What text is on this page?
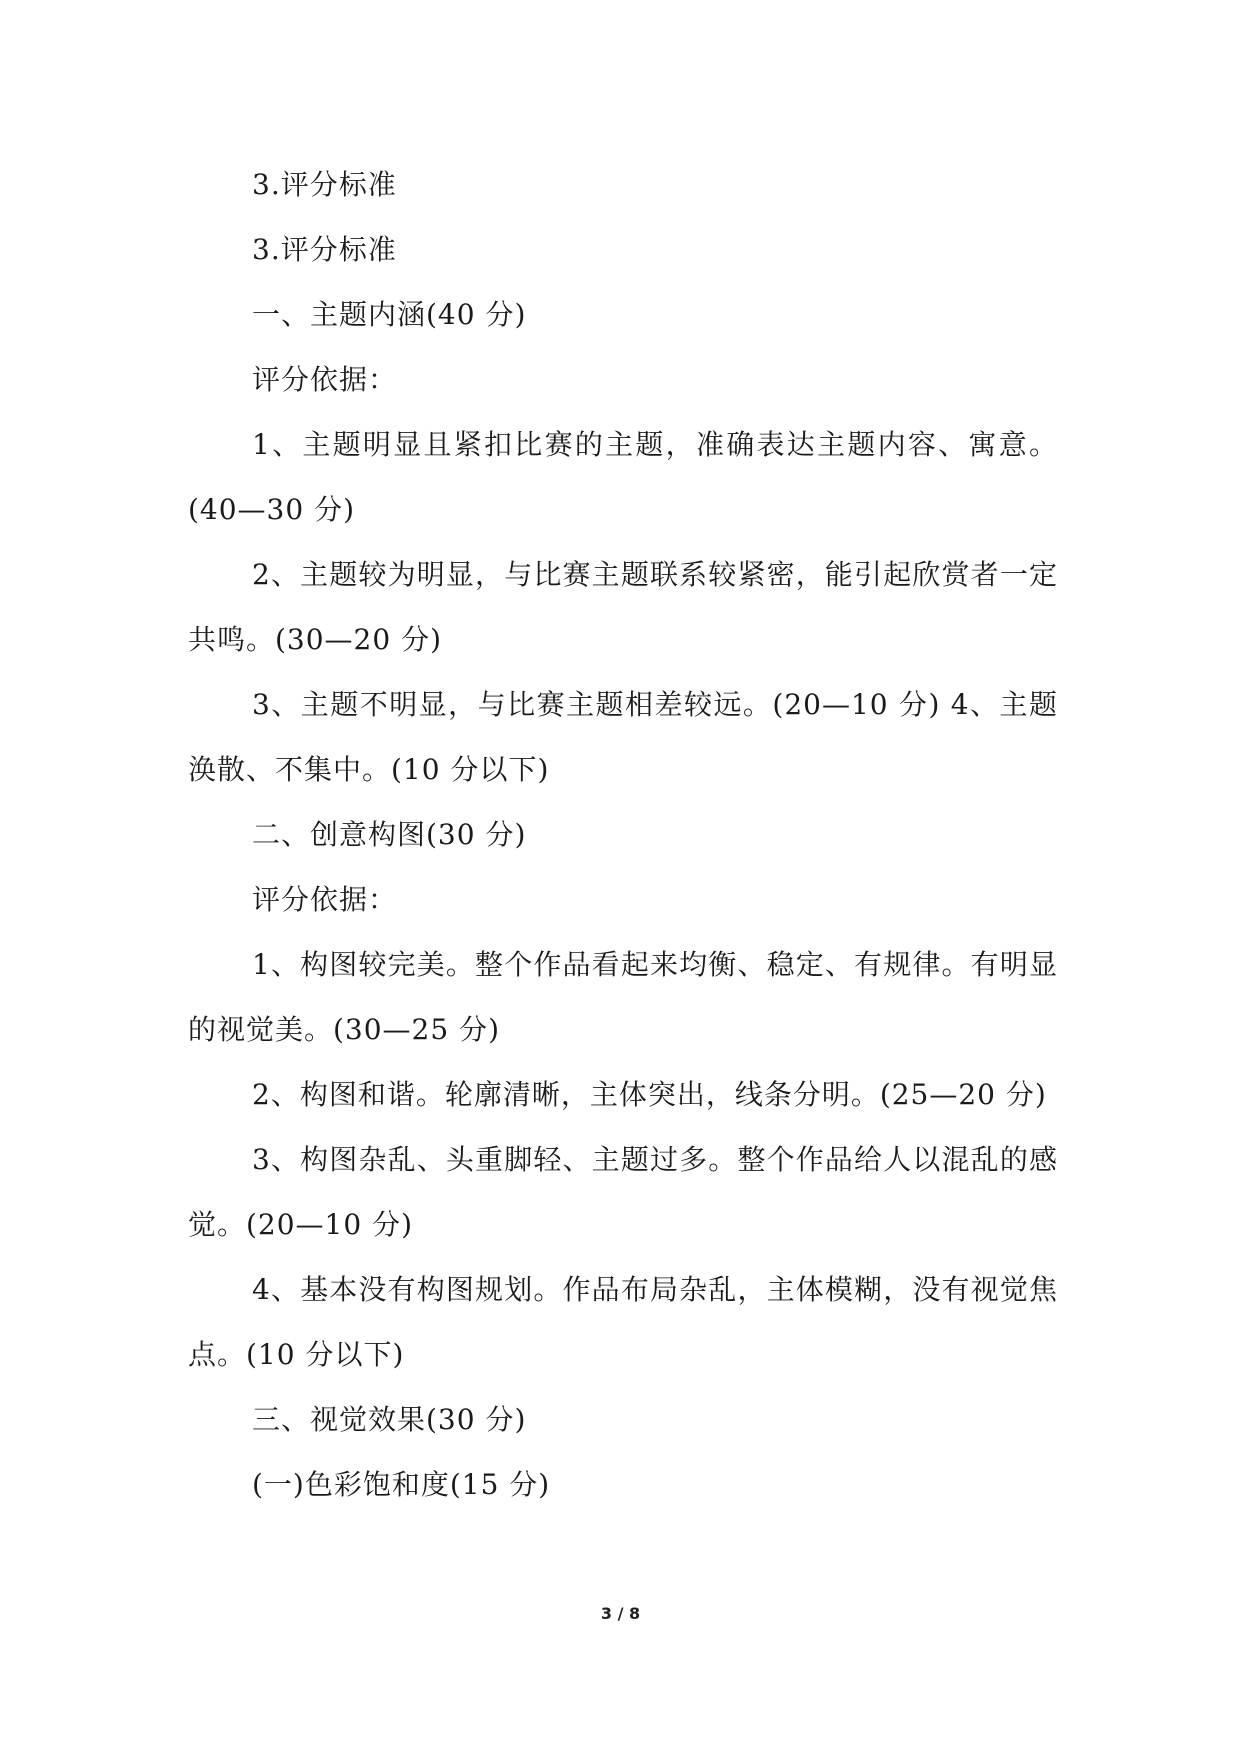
3.评分标准

3.评分标准

一、主题内涵(40 分)

评分依据：

1、主题明显且紧扣比赛的主题，准确表达主题内容、寓意。(40—30 分)

2、主题较为明显，与比赛主题联系较紧密，能引起欣赏者一定共鸣。(30—20 分)

3、主题不明显，与比赛主题相差较远。(20—10 分) 4、主题涣散、不集中。(10 分以下)

二、创意构图(30 分)

评分依据：

1、构图较完美。整个作品看起来均衡、稳定、有规律。有明显的视觉美。(30—25 分)

2、构图和谐。轮廓清晰，主体突出，线条分明。(25—20 分)

3、构图杂乱、头重脚轻、主题过多。整个作品给人以混乱的感觉。(20—10 分)

4、基本没有构图规划。作品布局杂乱，主体模糊，没有视觉焦点。(10 分以下)

三、视觉效果(30 分)

(一)色彩饱和度(15 分)

3 / 8
